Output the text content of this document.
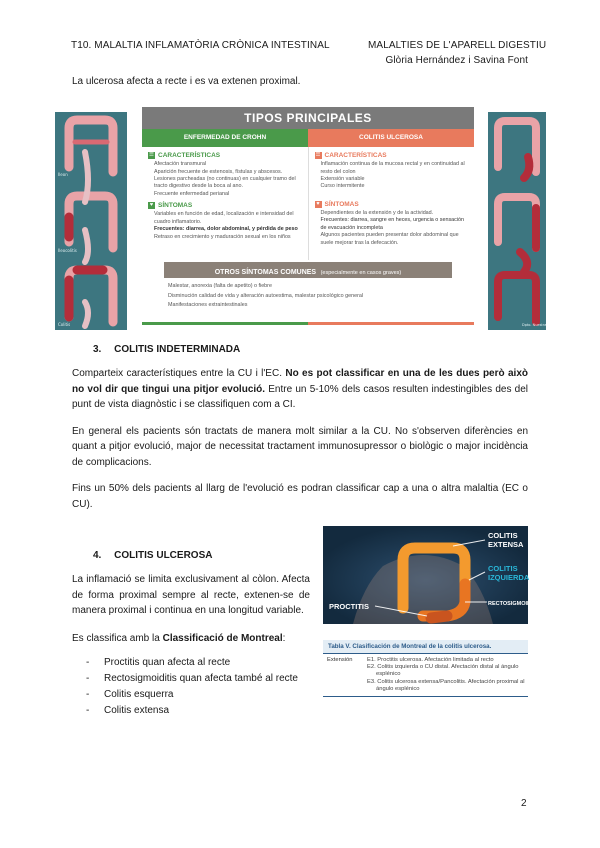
T10. MALALTIA INFLAMATÒRIA CRÒNICA INTESTINAL	MALALTIES DE L'APARELL DIGESTIU
Glòria Hernández i Savina Font
La ulcerosa afecta a recte i es va extenen proximal.
Ileon
Ileocolitis
Colitis
TIPOS PRINCIPALES
ENFERMEDAD DE CROHN	COLITIS ULCEROSA
☰ CARACTERÍSTICAS
Afectación transmural
Aparición frecuente de estenosis, fístulas y abscesos.
Lesiones parcheadas (no continuas) en cualquier tramo del tracto digestivo desde la boca al ano.
Frecuente enfermedad perianal
♥ SÍNTOMAS
Variables en función de edad, localización e intensidad del cuadro inflamatorio.
Frecuentes: diarrea, dolor abdominal, y pérdida de peso
Retraso en crecimiento y maduración sexual en los niños
☰ CARACTERÍSTICAS
Inflamación continua de la mucosa rectal y en continuidad al resto del colon
Extensión variable
Curso intermitente
♥ SÍNTOMAS
Dependientes de la extensión y de la actividad.
Frecuentes: diarrea, sangre en heces, urgencia o sensación de evacuación incompleta
Algunos pacientes pueden presentar dolor abdominal que suele mejorar tras la defecación.
OTROS SÍNTOMAS COMUNES (especialmente en casos graves)
Malestar, anorexia (falta de apetito) o fiebre
Disminución calidad de vida y alteración autoestima, malestar psicológico general
Manifestaciones extraintestinales
Dpto. Nuestra
3. COLITIS INDETERMINADA

Comparteix característiques entre la CU i l'EC. No es pot classificar en una de les dues però això no vol dir que tingui una pitjor evolució. Entre un 5-10% dels casos resulten indestingibles des del punt de vista diagnòstic i se classifiquen com a CI.

En general els pacients són tractats de manera molt similar a la CU. No s'observen diferències en quant a pitjor evolució, major de necessitat tractament immunosupressor o biològic o major incidència de complicacions.

Fins un 50% dels pacients al llarg de l'evolució es podran classificar cap a una o altra malaltia (EC o CU).

4. COLITIS ULCEROSA

La inflamació se limita exclusivament al còlon. Afecta de forma proximal sempre al recte, extenen-se de manera proximal i continua en una longitud variable.

Es classifica amb la Classificació de Montreal:

- Proctitis quan afecta al recte
- Rectosigmoiditis quan afecta també al recte
- Colitis esquerra
- Colitis extensa
COLITIS
EXTENSA
COLITIS
IZQUIERDA
RECTOSIGMOIDITIS
PROCTITIS
Tabla V. Clasificación de Montreal de la colitis ulcerosa.
Extensión	E1. Proctitis ulcerosa. Afectación limitada al recto
E2. Colitis izquierda o CU distal. Afectación distal al ángulo esplénico
E3. Colitis ulcerosa extensa/Pancolitis. Afectación proximal al ángulo esplénico
2
